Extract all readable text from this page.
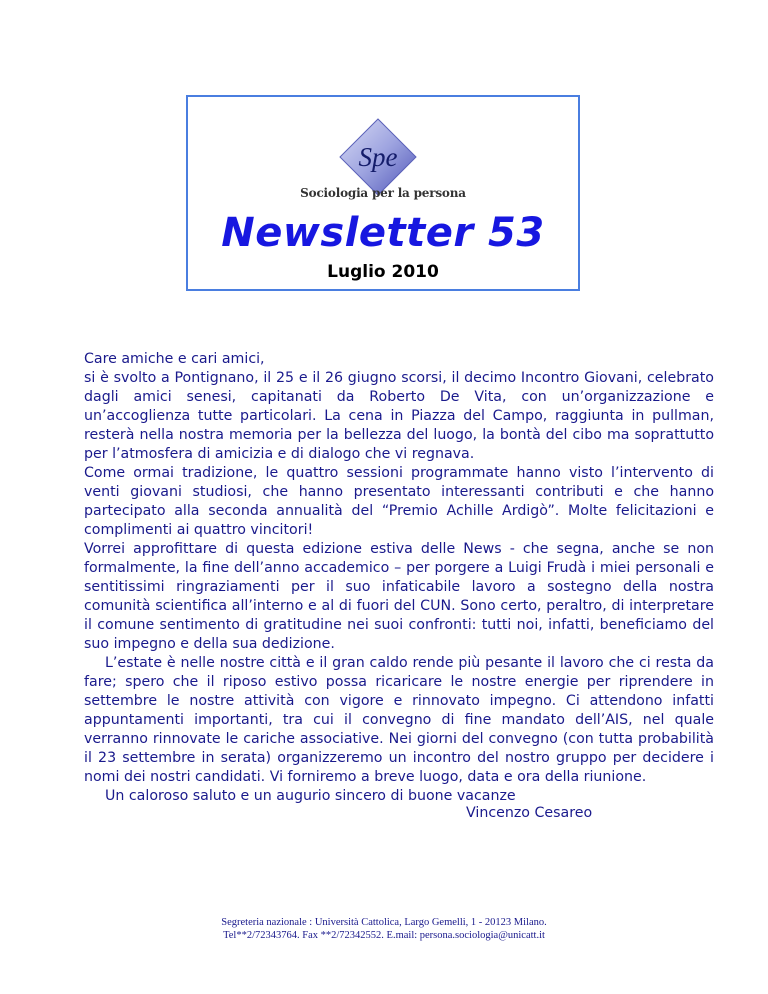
Spe
Sociologia per la persona
Newsletter 53
Luglio 2010

Care amiche e cari amici,

si è svolto a Pontignano, il 25 e il 26 giugno scorsi, il decimo Incontro Giovani, celebrato dagli amici senesi, capitanati da Roberto De Vita, con un’organizzazione e un’accoglienza tutte particolari. La cena in Piazza del Campo, raggiunta in pullman, resterà nella nostra memoria per la bellezza del luogo, la bontà del cibo ma soprattutto per l’atmosfera di amicizia e di dialogo che vi regnava.

Come ormai tradizione, le quattro sessioni programmate hanno visto l’intervento di venti giovani studiosi, che hanno presentato interessanti contributi e che hanno partecipato alla seconda annualità del “Premio Achille Ardigò”. Molte felicitazioni e complimenti ai quattro vincitori!

Vorrei approfittare di questa edizione estiva delle News - che segna, anche se non formalmente, la fine dell’anno accademico – per porgere a Luigi Frudà i miei personali e sentitissimi ringraziamenti per il suo infaticabile lavoro a sostegno della nostra comunità scientifica all’interno e al di fuori del CUN. Sono certo, peraltro, di interpretare il comune sentimento di gratitudine nei suoi confronti: tutti noi, infatti, beneficiamo del suo impegno e della sua dedizione.

L’estate è nelle nostre città e il gran caldo rende più pesante il lavoro che ci resta da fare; spero che il riposo estivo possa ricaricare le nostre energie per riprendere in settembre le nostre attività con vigore e rinnovato impegno. Ci attendono infatti appuntamenti importanti, tra cui il convegno di fine mandato dell’AIS, nel quale verranno rinnovate le cariche associative. Nei giorni del convegno (con tutta probabilità il 23 settembre in serata) organizzeremo un incontro del nostro gruppo per decidere i nomi dei nostri candidati. Vi forniremo a breve luogo, data e ora della riunione.

Un caloroso saluto e un augurio sincero di buone vacanze

Vincenzo Cesareo
Segreteria nazionale : Università Cattolica, Largo Gemelli, 1 - 20123 Milano.
Tel**2/72343764. Fax **2/72342552. E.mail: persona.sociologia@unicatt.it
